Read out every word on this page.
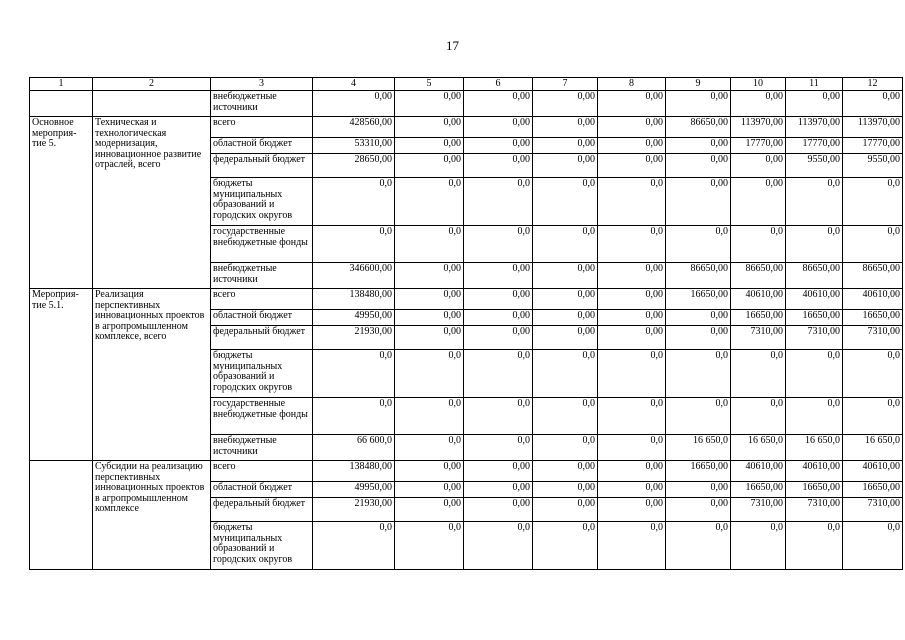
17
1	2	3	4	5	6	7	8	9	10	11	12
		внебюджетные источники	0,00	0,00	0,00	0,00	0,00	0,00	0,00	0,00	0,00
Основное мероприя-тие 5.	Техническая и технологическая модернизация, инновационное развитие отраслей, всего	всего	428560,00	0,00	0,00	0,00	0,00	86650,00	113970,00	113970,00	113970,00
		областной бюджет	53310,00	0,00	0,00	0,00	0,00	0,00	17770,00	17770,00	17770,00
		федеральный бюджет	28650,00	0,00	0,00	0,00	0,00	0,00	0,00	9550,00	9550,00
		бюджеты муниципальных образований и городских округов	0,0	0,0	0,0	0,0	0,0	0,00	0,00	0,0	0,0
		государственные внебюджетные фонды	0,0	0,0	0,0	0,0	0,0	0,0	0,0	0,0	0,0
		внебюджетные источники	346600,00	0,00	0,00	0,00	0,00	86650,00	86650,00	86650,00	86650,00
Мероприя-тие 5.1.	Реализация перспективных инновационных проектов в агропромышленном комплексе, всего	всего	138480,00	0,00	0,00	0,00	0,00	16650,00	40610,00	40610,00	40610,00
		областной бюджет	49950,00	0,00	0,00	0,00	0,00	0,00	16650,00	16650,00	16650,00
		федеральный бюджет	21930,00	0,00	0,00	0,00	0,00	0,00	7310,00	7310,00	7310,00
		бюджеты муниципальных образований и городских округов	0,0	0,0	0,0	0,0	0,0	0,0	0,0	0,0	0,0
		государственные внебюджетные фонды	0,0	0,0	0,0	0,0	0,0	0,0	0,0	0,0	0,0
		внебюджетные источники	66 600,0	0,0	0,0	0,0	0,0	16 650,0	16 650,0	16 650,0	16 650,0
	Субсидии на реализацию перспективных инновационных проектов в агропромышленном комплексе	всего	138480,00	0,00	0,00	0,00	0,00	16650,00	40610,00	40610,00	40610,00
		областной бюджет	49950,00	0,00	0,00	0,00	0,00	0,00	16650,00	16650,00	16650,00
		федеральный бюджет	21930,00	0,00	0,00	0,00	0,00	0,00	7310,00	7310,00	7310,00
		бюджеты муниципальных образований и городских округов	0,0	0,0	0,0	0,0	0,0	0,0	0,0	0,0	0,0
